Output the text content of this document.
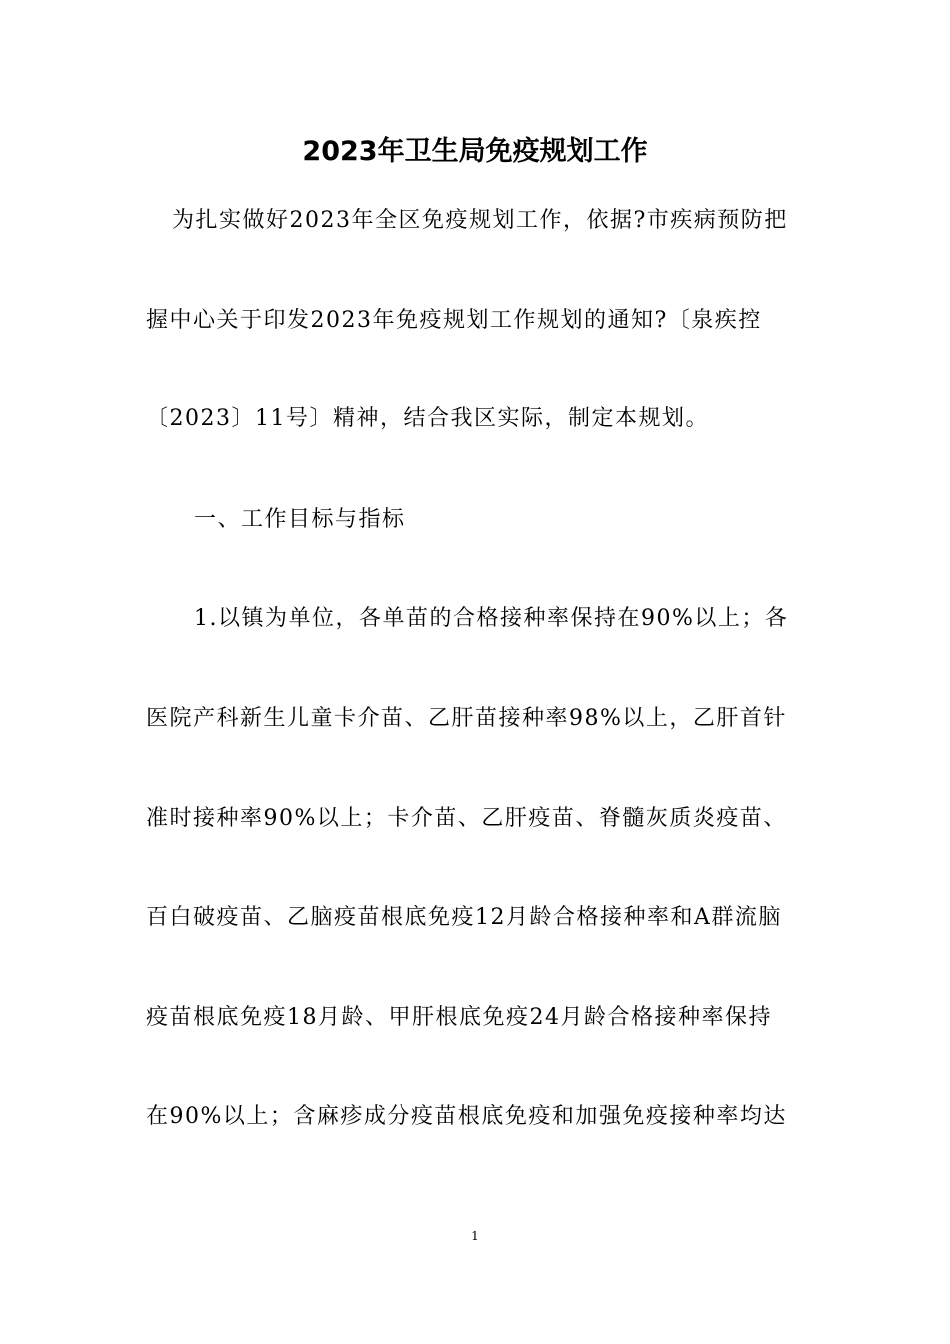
2023年卫生局免疫规划工作
为扎实做好2023年全区免疫规划工作，依据?市疾病预防把
握中心关于印发2023年免疫规划工作规划的通知?〔泉疾控
〔2023〕11号〕精神，结合我区实际，制定本规划。
一、工作目标与指标
1.以镇为单位，各单苗的合格接种率保持在90%以上；各
医院产科新生儿童卡介苗、乙肝苗接种率98%以上，乙肝首针
准时接种率90%以上；卡介苗、乙肝疫苗、脊髓灰质炎疫苗、
百白破疫苗、乙脑疫苗根底免疫12月龄合格接种率和A群流脑
疫苗根底免疫18月龄、甲肝根底免疫24月龄合格接种率保持
在90%以上；含麻疹成分疫苗根底免疫和加强免疫接种率均达
1
